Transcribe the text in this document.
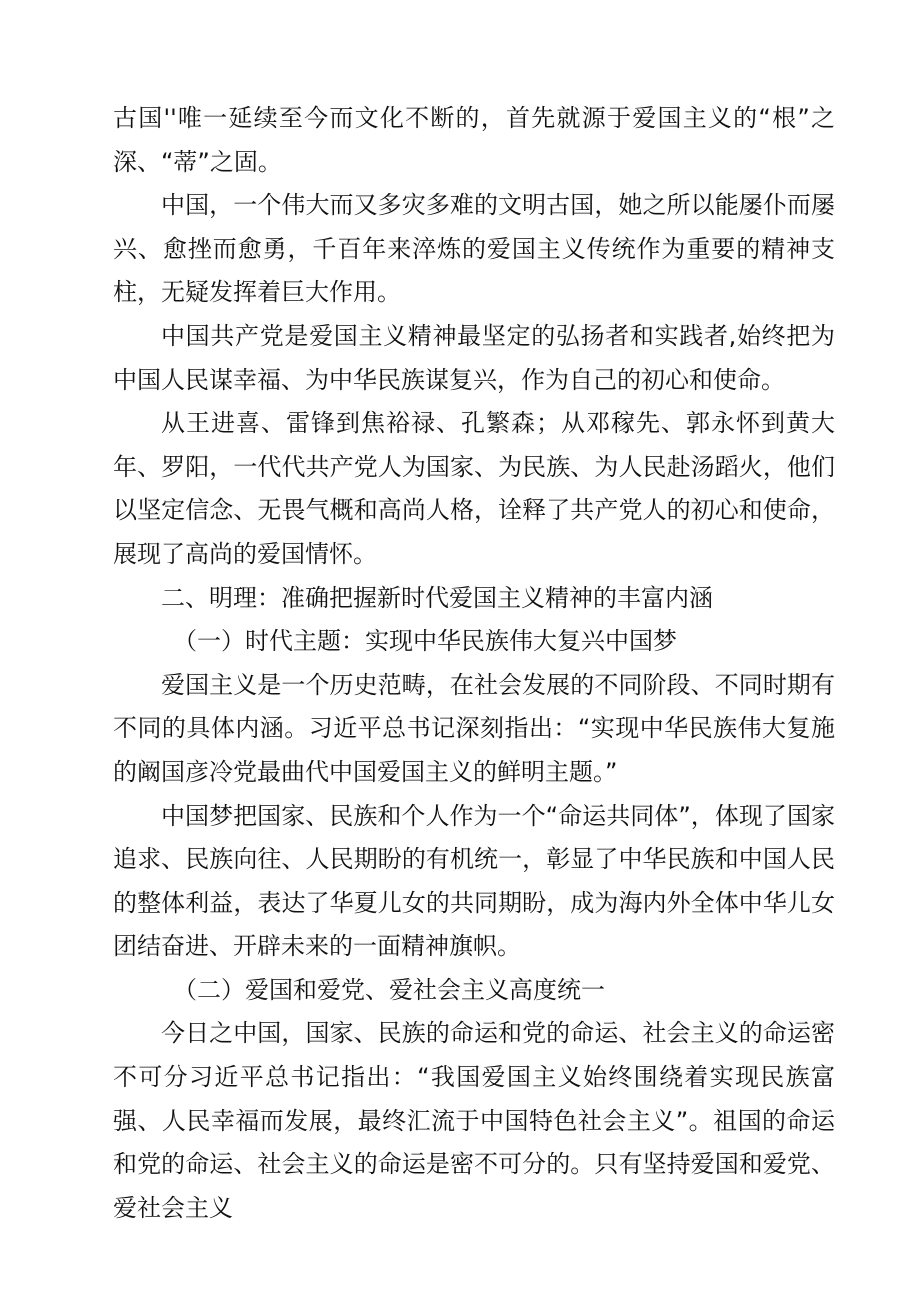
古国''唯一延续至今而文化不断的，首先就源于爱国主义的“根”之深、“蒂”之固。

中国，一个伟大而又多灾多难的文明古国，她之所以能屡仆而屡兴、愈挫而愈勇，千百年来淬炼的爱国主义传统作为重要的精神支柱，无疑发挥着巨大作用。

中国共产党是爱国主义精神最坚定的弘扬者和实践者,始终把为中国人民谋幸福、为中华民族谋复兴，作为自己的初心和使命。

从王进喜、雷锋到焦裕禄、孔繁森；从邓稼先、郭永怀到黄大年、罗阳，一代代共产党人为国家、为民族、为人民赴汤蹈火，他们以坚定信念、无畏气概和高尚人格，诠释了共产党人的初心和使命，展现了高尚的爱国情怀。

二、明理：准确把握新时代爱国主义精神的丰富内涵

（一）时代主题：实现中华民族伟大复兴中国梦

爱国主义是一个历史范畴，在社会发展的不同阶段、不同时期有不同的具体内涵。习近平总书记深刻指出：“实现中华民族伟大复施的阚国彦冷党最曲代中国爱国主义的鲜明主题。”

中国梦把国家、民族和个人作为一个“命运共同体”，体现了国家追求、民族向往、人民期盼的有机统一，彰显了中华民族和中国人民的整体利益，表达了华夏儿女的共同期盼，成为海内外全体中华儿女团结奋进、开辟未来的一面精神旗帜。

（二）爱国和爱党、爱社会主义高度统一

今日之中国，国家、民族的命运和党的命运、社会主义的命运密不可分习近平总书记指出：“我国爱国主义始终围绕着实现民族富强、人民幸福而发展，最终汇流于中国特色社会主义”。祖国的命运和党的命运、社会主义的命运是密不可分的。只有坚持爱国和爱党、爱社会主义
